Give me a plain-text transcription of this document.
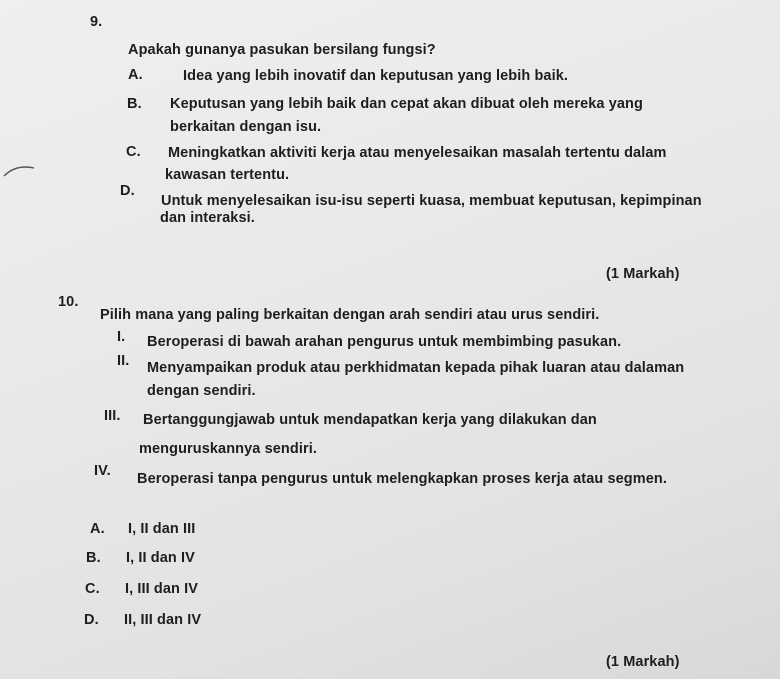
9.
Apakah gunanya pasukan bersilang fungsi?
A.	Idea yang lebih inovatif dan keputusan yang lebih baik.
B. Keputusan yang lebih baik dan cepat akan dibuat oleh mereka yang
berkaitan dengan isu.
C. Meningkatkan aktiviti kerja atau menyelesaikan masalah tertentu dalam
kawasan tertentu.
D.
Untuk menyelesaikan isu-isu seperti kuasa, membuat keputusan, kepimpinan
dan interaksi.
(1 Markah)
10.
Pilih mana yang paling berkaitan dengan arah sendiri atau urus sendiri.
I. Beroperasi di bawah arahan pengurus untuk membimbing pasukan.
II. Menyampaikan produk atau perkhidmatan kepada pihak luaran atau dalaman
dengan sendiri.
III. Bertanggungjawab untuk mendapatkan kerja yang dilakukan dan
menguruskannya sendiri.
IV. Beroperasi tanpa pengurus untuk melengkapkan proses kerja atau segmen.
A. I, II dan III
B. I, II dan IV
C. I, III dan IV
D. II, III dan IV
(1 Markah)
